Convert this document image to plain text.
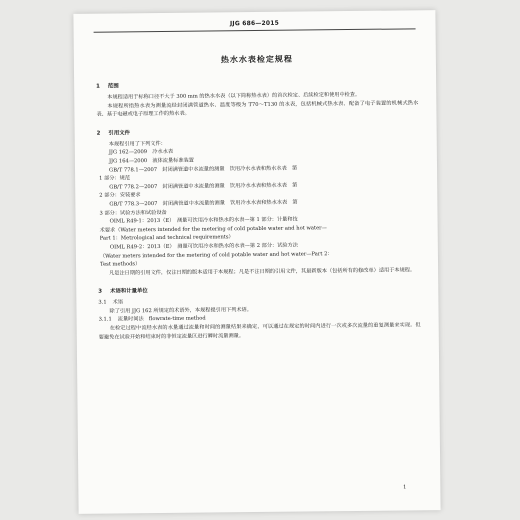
JJG 686—2015
热水水表检定规程
1 范围

本规程适用于标称口径不大于 300 mm 的热水水表（以下简称热水表）的首次检定、后续检定和使用中检查。

本规程所指热水表为测量流经封闭满管道热水、温度等级为 T70～T130 的水表，包括机械式热水表、配备了电子装置的机械式热水表、基于电磁或电子原理工作的热水表。

2 引用文件

本规程引用了下列文件：

JJG 162—2009　冷水水表

JJG 164—2000　液体流量标准装置

GB/T 778.1—2007　封闭满管道中水流量的测量　饮用冷水水表和热水水表　第

1 部分：规范

GB/T 778.2—2007　封闭满管道中水流量的测量　饮用冷水水表和热水水表　第

2 部分：安装要求

GB/T 778.3—2007　封闭满管道中水流量的测量　饮用冷水水表和热水水表　第

3 部分：试验方法和试验设备

OIML R49-1：2013（E）　测量可饮用冷水和热水的水表—第 1 部分：计量和技

术要求（Water meters intended for the metering of cold potable water and hot water—

Part 1：Metrological and technical requirements）

OIML R49-2：2013（E）　测量可饮用冷水和热水的水表—第 2 部分：试验方法

（Water meters intended for the metering of cold potable water and hot water—Part 2：

Test methods）

凡是注日期的引用文件，仅注日期的版本适用于本规程；凡是不注日期的引用文件，其最新版本（包括所有的修改单）适用于本规程。

3 术语和计量单位

3.1 术语

除了引用 JJG 162 所规定的术语外，本规程提引用下列术语。

3.1.1 流量时间法　flowrate-time method

在检定过程中流经水表的水量通过流量和时间的测量结果来确定，可以通过在规定的时间内进行一次或多次流量的重复测量来实现。但要避免在试验开始和结束时的非恒定流量区进行瞬时流量测量。

1
